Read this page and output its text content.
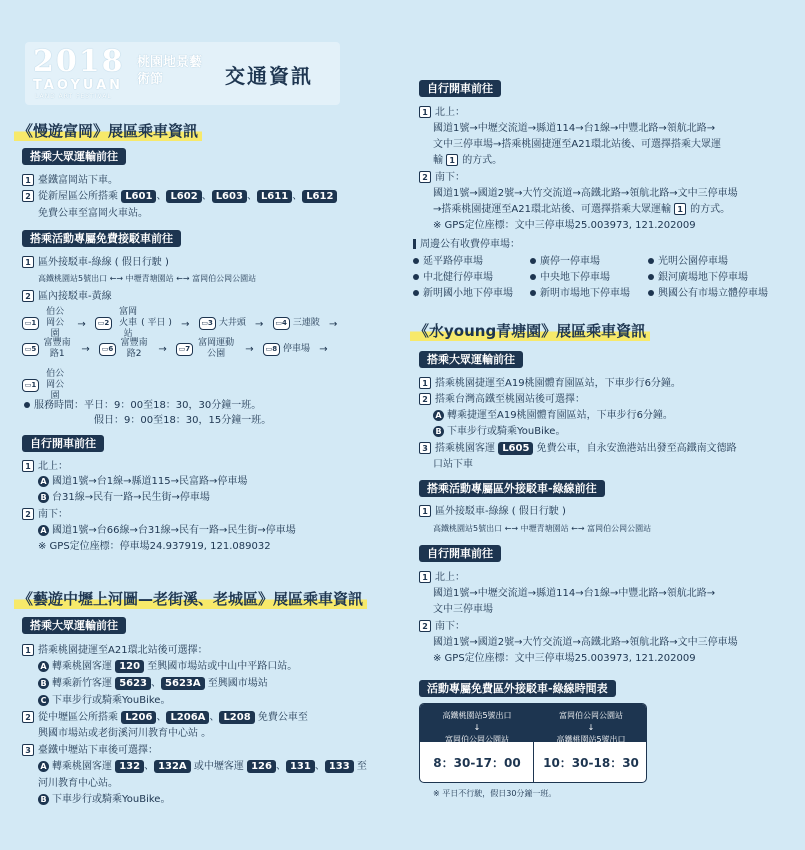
2018
TAOYUAN
LAND ART FESTIVAL
桃園地景藝術節	交通資訊
《慢遊富岡》展區乘車資訊
搭乘大眾運輸前往
1 臺鐵富岡站下車。
2 從新屋區公所搭乘 L601 、 L602 、 L603 、 L611 、 L612
免費公車至富岡火車站。
搭乘活動專屬免費接駁車前往
1 區外接駁車-綠線 ( 假日行駛 )
高鐵桃園站5號出口 ←→ 中壢青塘園站 ←→ 富岡伯公岡公園站
2 區內接駁車-黃線
▭1 伯公岡公園 → ▭2 富岡火車站( 平日 ) → ▭3 大井頭 → ▭4 三連陂 →
▭5 富豐南路1 → ▭6 富豐南路2 → ▭7 富岡運動公園 → ▭8 停車場 →
▭1 伯公岡公園
服務時間：平日：9：00至18：30，30分鐘一班。
假日：9：00至18：30，15分鐘一班。
自行開車前往
1 北上：
A 國道1號→台1線→縣道115→民富路→停車場
B 台31線→民有一路→民生街→停車場
2 南下：
A 國道1號→台66線→台31線→民有一路→民生街→停車場
※ GPS定位座標：停車場24.937919, 121.089032
《藝遊中壢上河圖—老街溪、老城區》展區乘車資訊
搭乘大眾運輸前往
1 搭乘桃園捷運至A21環北站後可選擇：
A 轉乘桃園客運 120 至興國市場站或中山中平路口站。
B 轉乘新竹客運 5623 、 5623A 至興國市場站
C 下車步行或騎乘YouBike。
2 從中壢區公所搭乘 L206 、 L206A 、 L208 免費公車至
興國市場站或老街溪河川教育中心站 。
3 臺鐵中壢站下車後可選擇：
A 轉乘桃園客運 132 、 132A 或中壢客運 126 、 131 、 133 至
河川教育中心站。
B 下車步行或騎乘YouBike。
自行開車前往
1 北上：
國道1號→中壢交流道→縣道114→台1線→中豐北路→領航北路→
文中三停車場→搭乘桃園捷運至A21環北站後、可選擇搭乘大眾運
輸 1 的方式。
2 南下：
國道1號→國道2號→大竹交流道→高鐵北路→領航北路→文中三停車場
→搭乘桃園捷運至A21環北站後、可選擇搭乘大眾運輸 1 的方式。
※ GPS定位座標：文中三停車場25.003973, 121.202009
周邊公有收費停車場：
延平路停車場	廣停一停車場	光明公園停車場
中北健行停車場	中央地下停車場	銀河廣場地下停車場
新明國小地下停車場	新明市場地下停車場	興國公有市場立體停車場
《水young青塘園》展區乘車資訊
搭乘大眾運輸前往
1 搭乘桃園捷運至A19桃園體育園區站，下車步行6分鐘。
2 搭乘台灣高鐵至桃園站後可選擇：
A 轉乘捷運至A19桃園體育園區站，下車步行6分鐘。
B 下車步行或騎乘YouBike。
3 搭乘桃園客運 L605 免費公車，自永安漁港站出發至高鐵南文德路
口站下車
搭乘活動專屬區外接駁車-綠線前往
1 區外接駁車-綠線 ( 假日行駛 )
高鐵桃園站5號出口 ←→ 中壢青塘園站 ←→ 富岡伯公岡公園站
自行開車前往
1 北上：
國道1號→中壢交流道→縣道114→台1線→中豐北路→領航北路→
文中三停車場
2 南下：
國道1號→國道2號→大竹交流道→高鐵北路→領航北路→文中三停車場
※ GPS定位座標：文中三停車場25.003973, 121.202009
活動專屬免費區外接駁車-綠線時間表
高鐵桃園站5號出口
↓
富岡伯公岡公園站
富岡伯公岡公園站
↓
高鐵桃園站5號出口
8：30-17：00	10：30-18：30
※ 平日不行駛，假日30分鐘一班。
